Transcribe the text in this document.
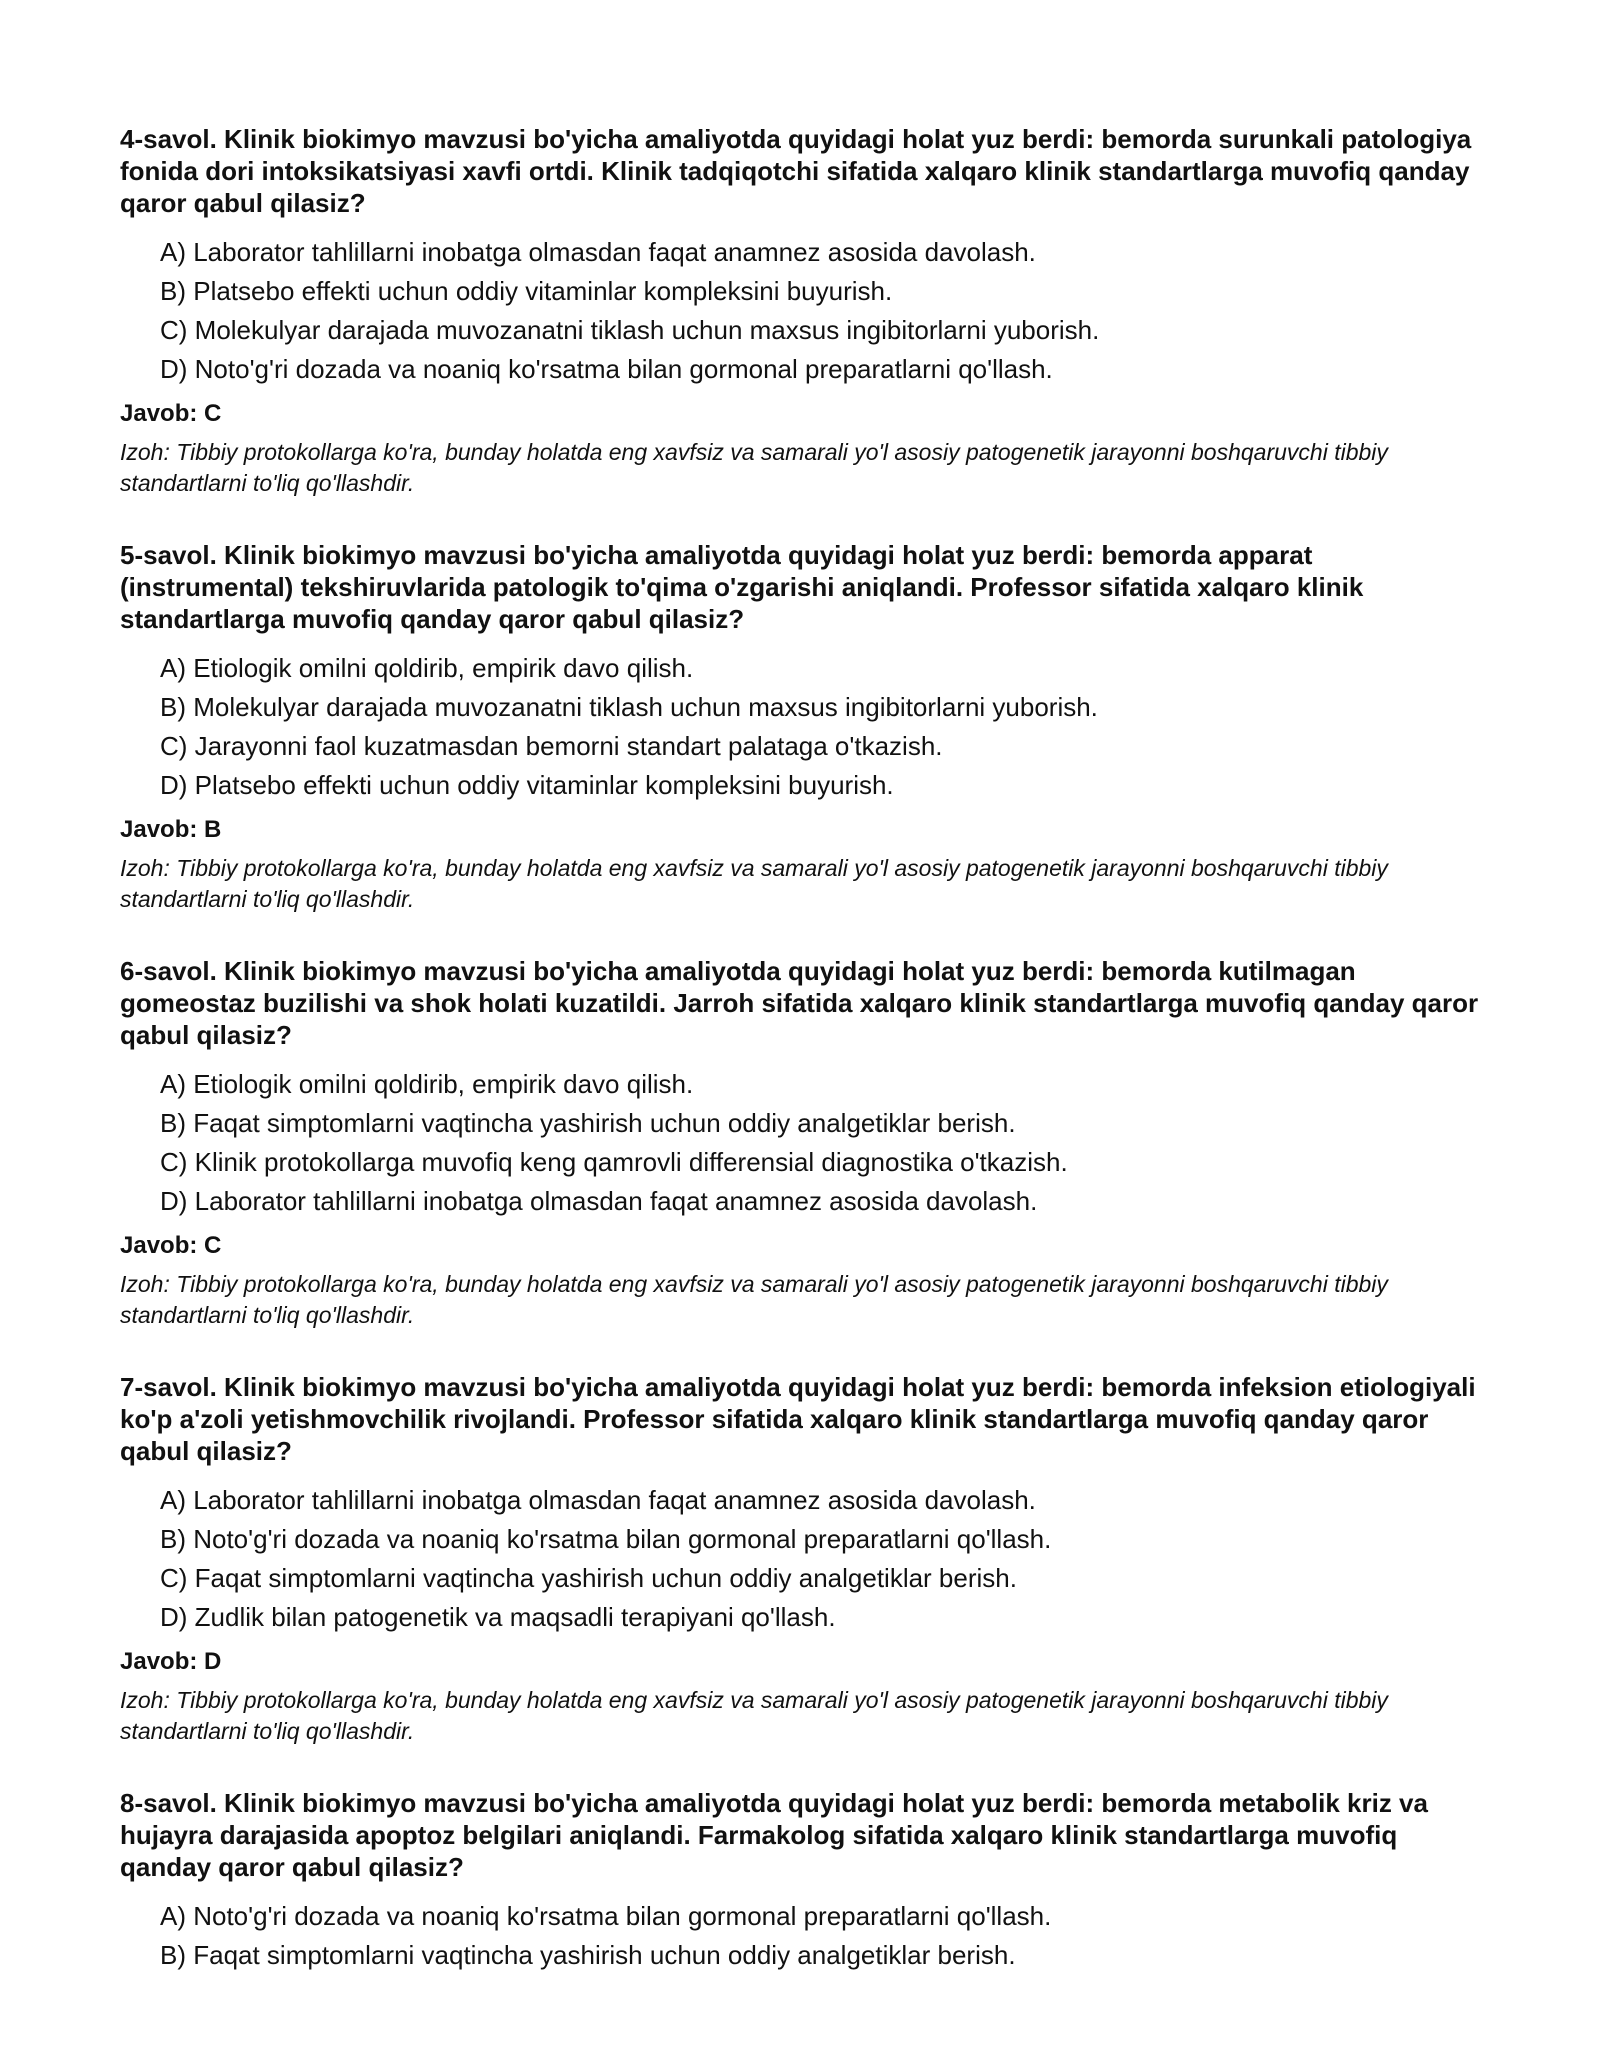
4-savol. Klinik biokimyo mavzusi bo'yicha amaliyotda quyidagi holat yuz berdi: bemorda surunkali patologiya fonida dori intoksikatsiyasi xavfi ortdi. Klinik tadqiqotchi sifatida xalqaro klinik standartlarga muvofiq qanday qaror qabul qilasiz?

A) Laborator tahlillarni inobatga olmasdan faqat anamnez asosida davolash.
B) Platsebo effekti uchun oddiy vitaminlar kompleksini buyurish.
C) Molekulyar darajada muvozanatni tiklash uchun maxsus ingibitorlarni yuborish.
D) Noto'g'ri dozada va noaniq ko'rsatma bilan gormonal preparatlarni qo'llash.

Javob: C

Izoh: Tibbiy protokollarga ko'ra, bunday holatda eng xavfsiz va samarali yo'l asosiy patogenetik jarayonni boshqaruvchi tibbiy standartlarni to'liq qo'llashdir.

5-savol. Klinik biokimyo mavzusi bo'yicha amaliyotda quyidagi holat yuz berdi: bemorda apparat (instrumental) tekshiruvlarida patologik to'qima o'zgarishi aniqlandi. Professor sifatida xalqaro klinik standartlarga muvofiq qanday qaror qabul qilasiz?

A) Etiologik omilni qoldirib, empirik davo qilish.
B) Molekulyar darajada muvozanatni tiklash uchun maxsus ingibitorlarni yuborish.
C) Jarayonni faol kuzatmasdan bemorni standart palataga o'tkazish.
D) Platsebo effekti uchun oddiy vitaminlar kompleksini buyurish.

Javob: B

Izoh: Tibbiy protokollarga ko'ra, bunday holatda eng xavfsiz va samarali yo'l asosiy patogenetik jarayonni boshqaruvchi tibbiy standartlarni to'liq qo'llashdir.

6-savol. Klinik biokimyo mavzusi bo'yicha amaliyotda quyidagi holat yuz berdi: bemorda kutilmagan gomeostaz buzilishi va shok holati kuzatildi. Jarroh sifatida xalqaro klinik standartlarga muvofiq qanday qaror qabul qilasiz?

A) Etiologik omilni qoldirib, empirik davo qilish.
B) Faqat simptomlarni vaqtincha yashirish uchun oddiy analgetiklar berish.
C) Klinik protokollarga muvofiq keng qamrovli differensial diagnostika o'tkazish.
D) Laborator tahlillarni inobatga olmasdan faqat anamnez asosida davolash.

Javob: C

Izoh: Tibbiy protokollarga ko'ra, bunday holatda eng xavfsiz va samarali yo'l asosiy patogenetik jarayonni boshqaruvchi tibbiy standartlarni to'liq qo'llashdir.

7-savol. Klinik biokimyo mavzusi bo'yicha amaliyotda quyidagi holat yuz berdi: bemorda infeksion etiologiyali ko'p a'zoli yetishmovchilik rivojlandi. Professor sifatida xalqaro klinik standartlarga muvofiq qanday qaror qabul qilasiz?

A) Laborator tahlillarni inobatga olmasdan faqat anamnez asosida davolash.
B) Noto'g'ri dozada va noaniq ko'rsatma bilan gormonal preparatlarni qo'llash.
C) Faqat simptomlarni vaqtincha yashirish uchun oddiy analgetiklar berish.
D) Zudlik bilan patogenetik va maqsadli terapiyani qo'llash.

Javob: D

Izoh: Tibbiy protokollarga ko'ra, bunday holatda eng xavfsiz va samarali yo'l asosiy patogenetik jarayonni boshqaruvchi tibbiy standartlarni to'liq qo'llashdir.

8-savol. Klinik biokimyo mavzusi bo'yicha amaliyotda quyidagi holat yuz berdi: bemorda metabolik kriz va hujayra darajasida apoptoz belgilari aniqlandi. Farmakolog sifatida xalqaro klinik standartlarga muvofiq qanday qaror qabul qilasiz?

A) Noto'g'ri dozada va noaniq ko'rsatma bilan gormonal preparatlarni qo'llash.
B) Faqat simptomlarni vaqtincha yashirish uchun oddiy analgetiklar berish.
